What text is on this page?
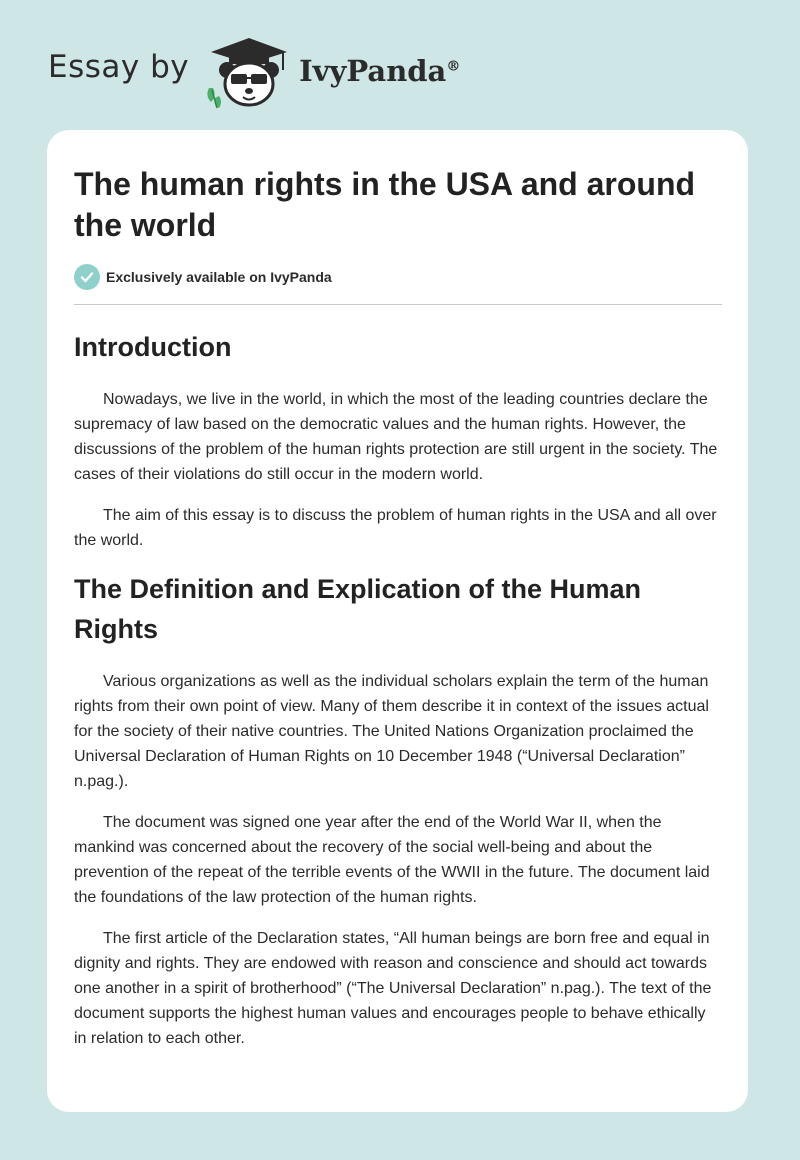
Essay by	IvyPanda®
The human rights in the USA and around the world
Exclusively available on IvyPanda
Introduction

Nowadays, we live in the world, in which the most of the leading countries declare the supremacy of law based on the democratic values and the human rights. However, the discussions of the problem of the human rights protection are still urgent in the society. The cases of their violations do still occur in the modern world.

The aim of this essay is to discuss the problem of human rights in the USA and all over the world.

The Definition and Explication of the Human Rights

Various organizations as well as the individual scholars explain the term of the human rights from their own point of view. Many of them describe it in context of the issues actual for the society of their native countries. The United Nations Organization proclaimed the Universal Declaration of Human Rights on 10 December 1948 (“Universal Declaration” n.pag.).

The document was signed one year after the end of the World War II, when the mankind was concerned about the recovery of the social well-being and about the prevention of the repeat of the terrible events of the WWII in the future. The document laid the foundations of the law protection of the human rights.

The first article of the Declaration states, “All human beings are born free and equal in dignity and rights. They are endowed with reason and conscience and should act towards one another in a spirit of brotherhood” (“The Universal Declaration” n.pag.). The text of the document supports the highest human values and encourages people to behave ethically in relation to each other.
